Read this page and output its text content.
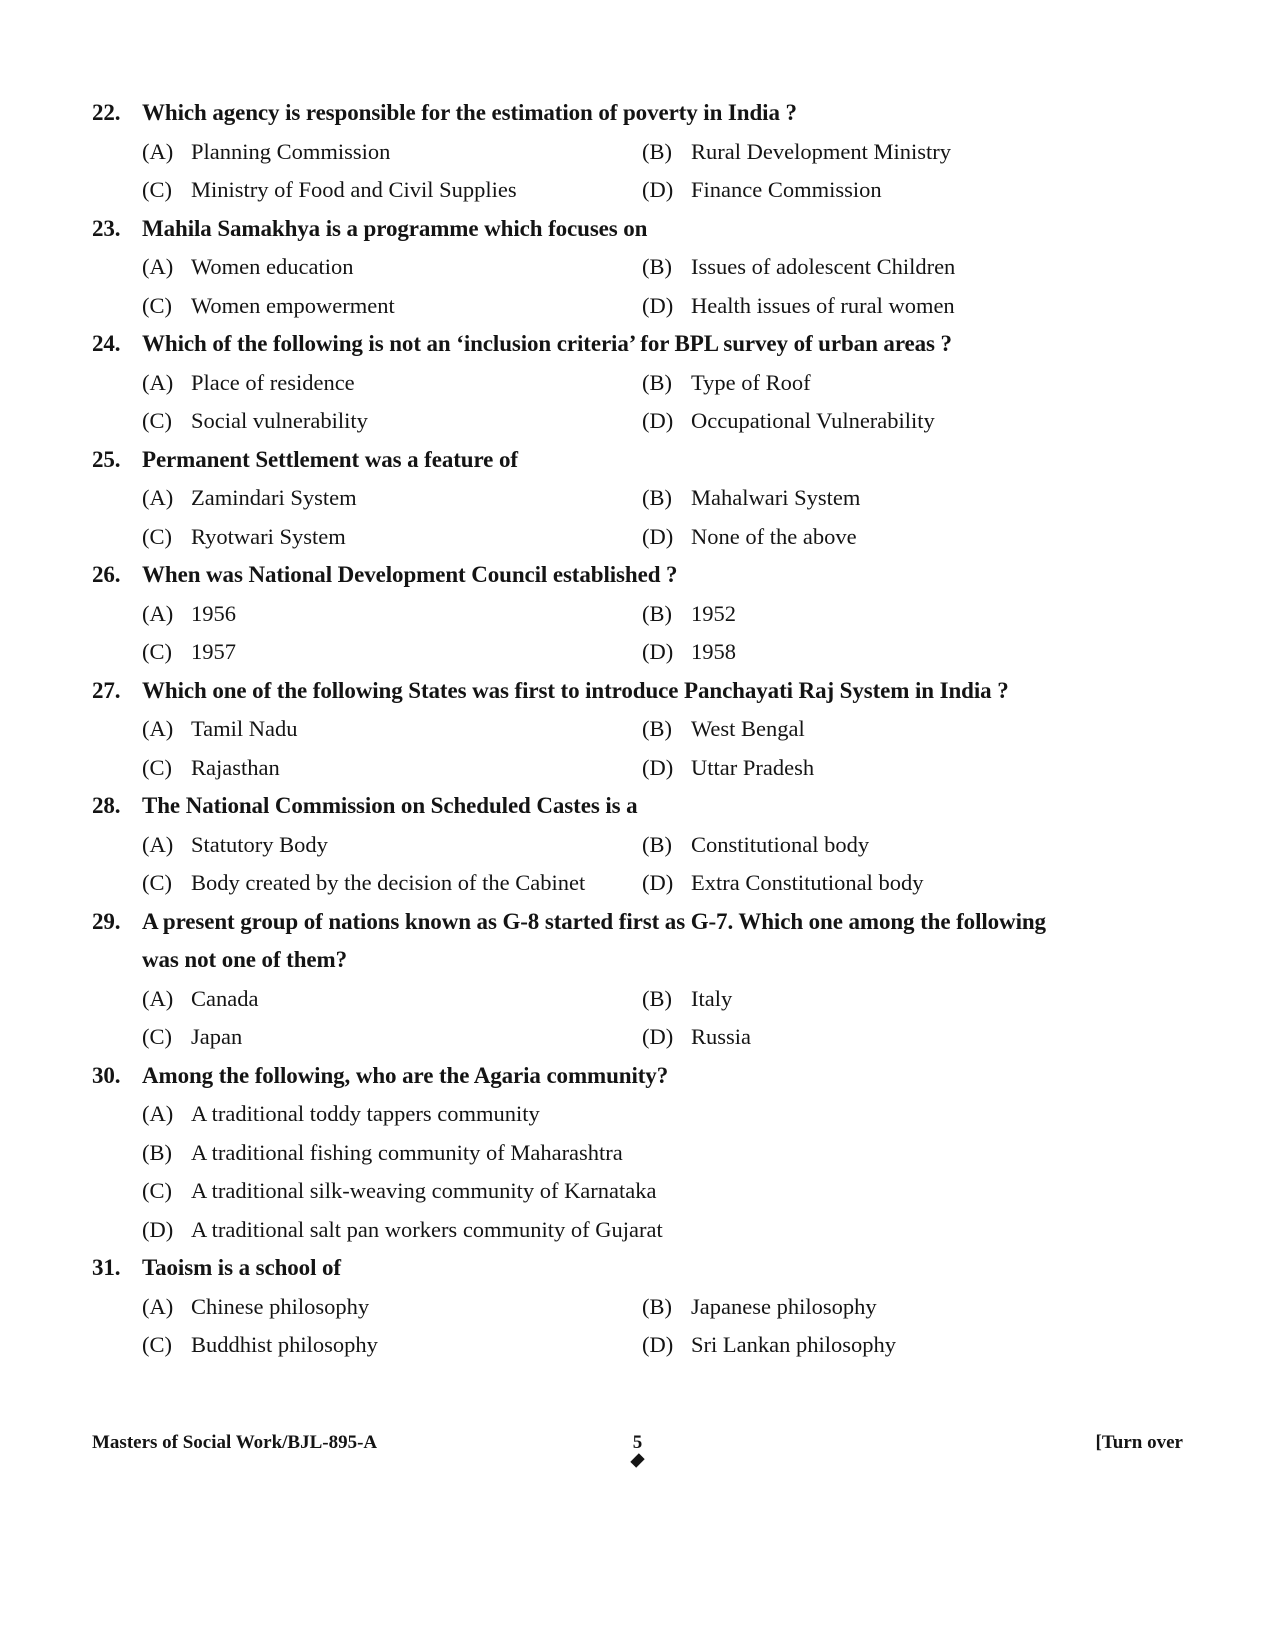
22. Which agency is responsible for the estimation of poverty in India ?
(A) Planning Commission	(B) Rural Development Ministry
(C) Ministry of Food and Civil Supplies	(D) Finance Commission
23. Mahila Samakhya is a programme which focuses on
(A) Women education	(B) Issues of adolescent Children
(C) Women empowerment	(D) Health issues of rural women
24. Which of the following is not an ‘inclusion criteria’ for BPL survey of urban areas ?
(A) Place of residence	(B) Type of Roof
(C) Social vulnerability	(D) Occupational Vulnerability
25. Permanent Settlement was a feature of
(A) Zamindari System	(B) Mahalwari System
(C) Ryotwari System	(D) None of the above
26. When was National Development Council established ?
(A) 1956	(B) 1952
(C) 1957	(D) 1958
27. Which one of the following States was first to introduce Panchayati Raj System in India ?
(A) Tamil Nadu	(B) West Bengal
(C) Rajasthan	(D) Uttar Pradesh
28. The National Commission on Scheduled Castes is a
(A) Statutory Body	(B) Constitutional body
(C) Body created by the decision of the Cabinet	(D) Extra Constitutional body
29. A present group of nations known as G-8 started first as G-7. Which one among the following was not one of them?
(A) Canada	(B) Italy
(C) Japan	(D) Russia
30. Among the following, who are the Agaria community?
(A) A traditional toddy tappers community
(B) A traditional fishing community of Maharashtra
(C) A traditional silk-weaving community of Karnataka
(D) A traditional salt pan workers community of Gujarat
31. Taoism is a school of
(A) Chinese philosophy	(B) Japanese philosophy
(C) Buddhist philosophy	(D) Sri Lankan philosophy
Masters of Social Work/BJL-895-A	5	[Turn over
